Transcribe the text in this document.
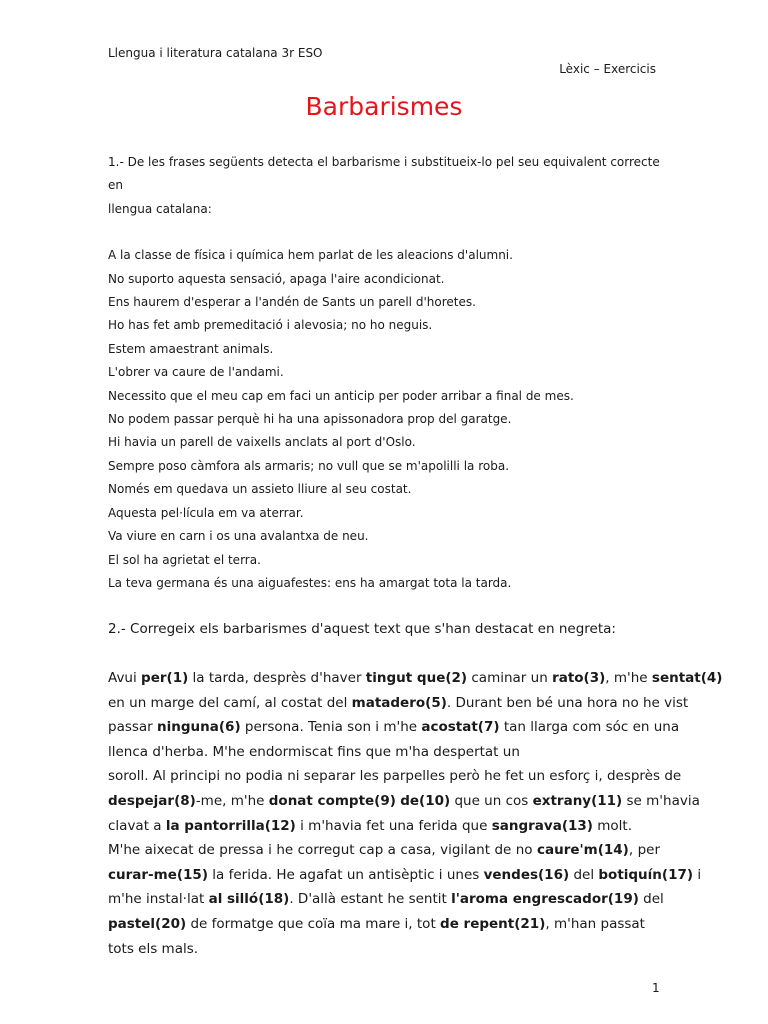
Llengua i literatura catalana 3r ESO
Lèxic – Exercicis
Barbarismes

1.- De les frases següents detecta el barbarisme i substitueix-lo pel seu equivalent correcte en

llengua catalana:

A la classe de física i química hem parlat de les aleacions d'alumni.

No suporto aquesta sensació, apaga l'aire acondicionat.

Ens haurem d'esperar a l'andén de Sants un parell d'horetes.

Ho has fet amb premeditació i alevosia; no ho neguis.

Estem amaestrant animals.

L'obrer va caure de l'andami.

Necessito que el meu cap em faci un anticip per poder arribar a final de mes.

No podem passar perquè hi ha una apissonadora prop del garatge.

Hi havia un parell de vaixells anclats al port d'Oslo.

Sempre poso càmfora als armaris; no vull que se m'apolilli la roba.

Només em quedava un assieto lliure al seu costat.

Aquesta pel·lícula em va aterrar.

Va viure en carn i os una avalantxa de neu.

El sol ha agrietat el terra.

La teva germana és una aiguafestes: ens ha amargat tota la tarda.

2.- Corregeix els barbarismes d'aquest text que s'han destacat en negreta:
Avui per(1) la tarda, desprès d'haver tingut que(2) caminar un rato(3), m'he sentat(4)
en un marge del camí, al costat del matadero(5). Durant ben bé una hora no he vist
passar ninguna(6) persona. Tenia son i m'he acostat(7) tan llarga com sóc en una
llenca d'herba. M'he endormiscat fins que m'ha despertat un
soroll. Al principi no podia ni separar les parpelles però he fet un esforç i, desprès de
despejar(8)-me, m'he donat compte(9) de(10) que un cos extrany(11) se m'havia
clavat a la pantorrilla(12) i m'havia fet una ferida que sangrava(13) molt.
M'he aixecat de pressa i he corregut cap a casa, vigilant de no caure'm(14), per
curar-me(15) la ferida. He agafat un antisèptic i unes vendes(16) del botiquín(17) i
m'he instal·lat al silló(18). D'allà estant he sentit l'aroma engrescador(19) del
pastel(20) de formatge que coïa ma mare i, tot de repent(21), m'han passat
tots els mals.
1
